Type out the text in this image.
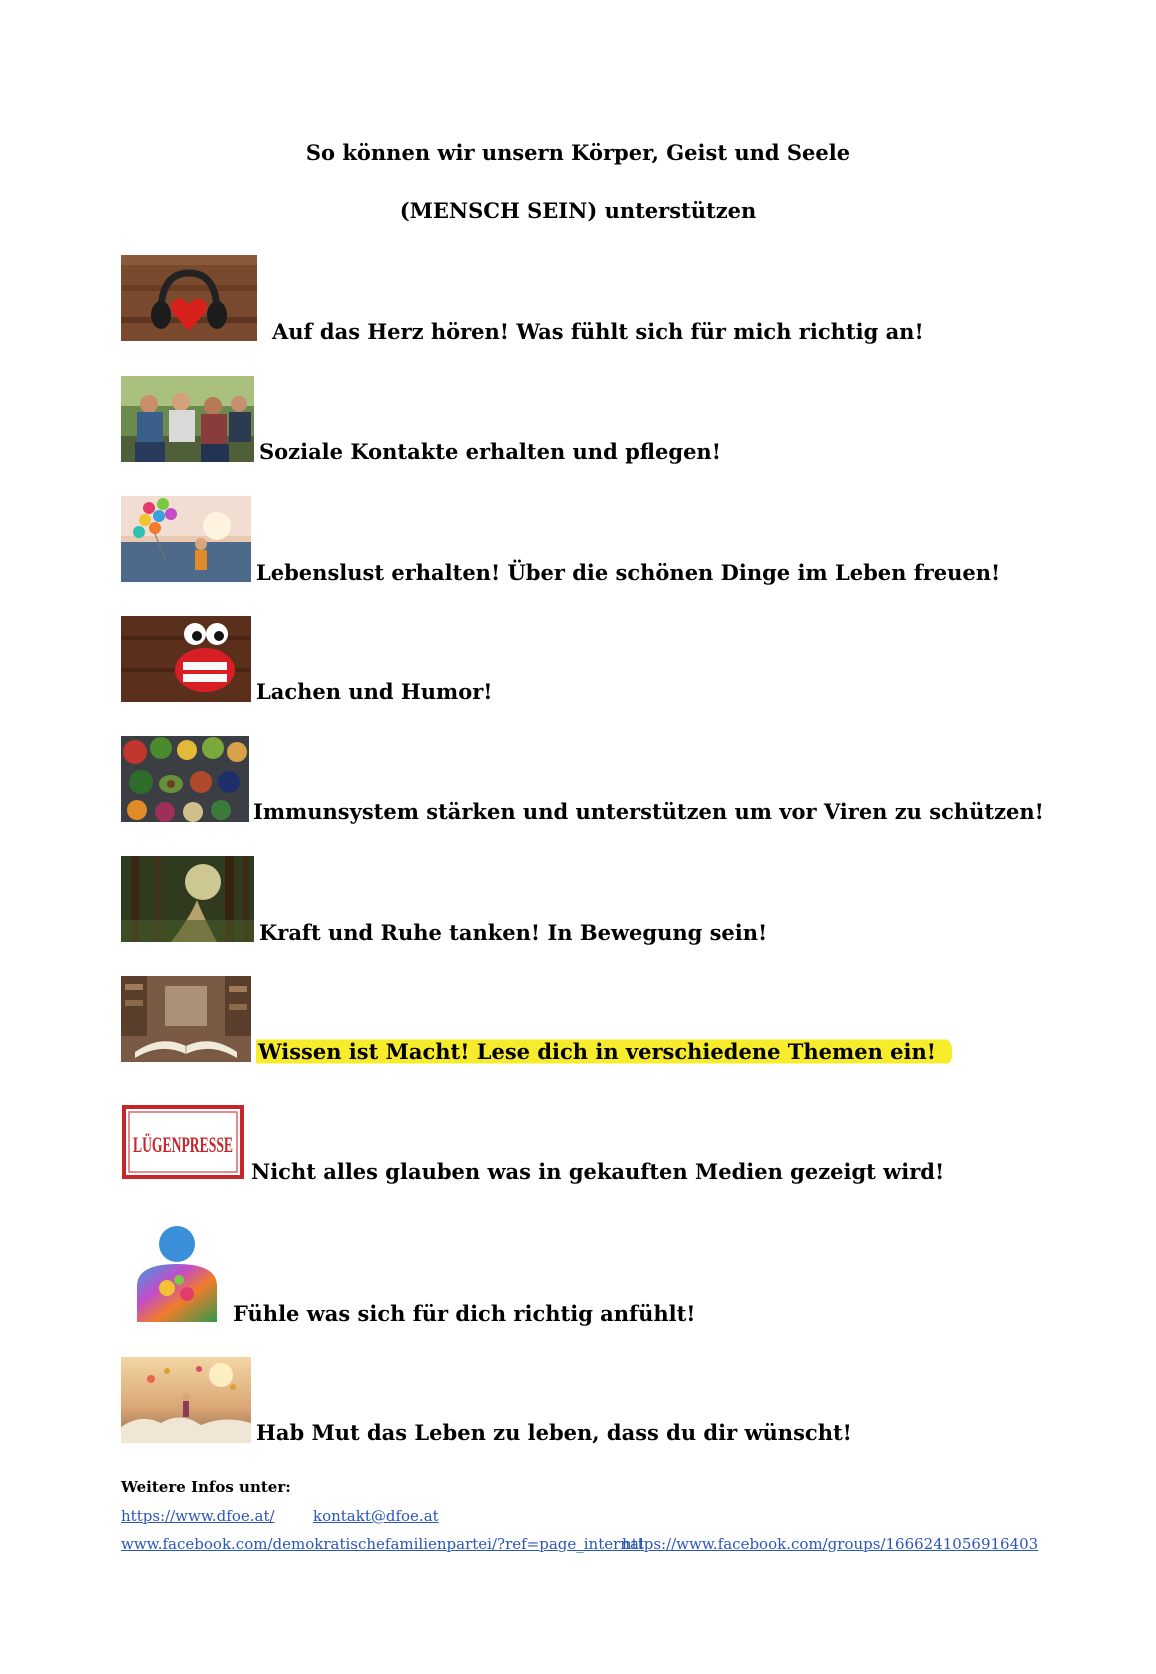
So können wir unsern Körper, Geist und Seele
(MENSCH SEIN) unterstützen
Auf das Herz hören! Was fühlt sich für mich richtig an!
Soziale Kontakte erhalten und pflegen!
Lebenslust erhalten! Über die schönen Dinge im Leben freuen!
Lachen und Humor!
Immunsystem stärken und unterstützen um vor Viren zu schützen!
Kraft und Ruhe tanken! In Bewegung sein!
Wissen ist Macht! Lese dich in verschiedene Themen ein!
LÜGENPRESSE
Nicht alles glauben was in gekauften Medien gezeigt wird!
Fühle was sich für dich richtig anfühlt!
Hab Mut das Leben zu leben, dass du dir wünscht!
Weitere Infos unter:
https://www.dfoe.at/	kontakt@dfoe.at
www.facebook.com/demokratischefamilienpartei/?ref=page_internal
https://www.facebook.com/groups/1666241056916403
